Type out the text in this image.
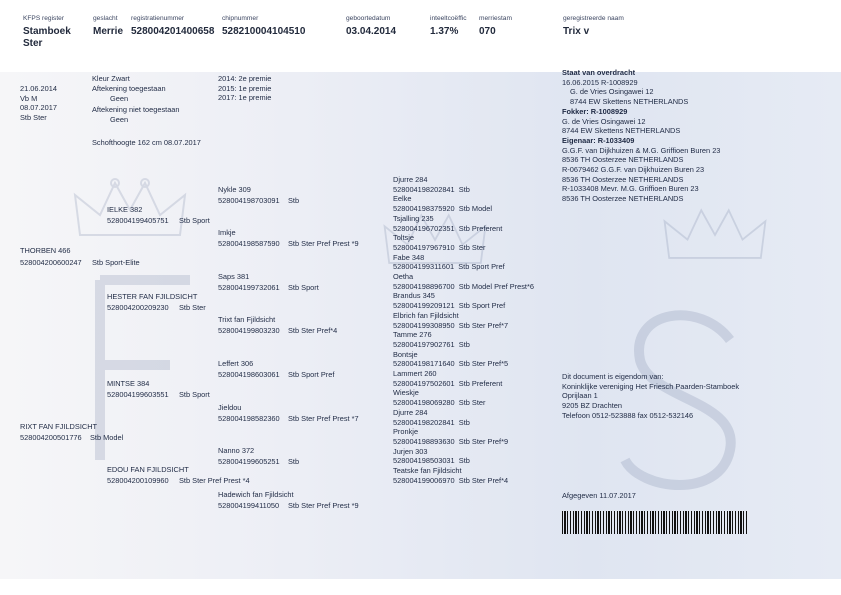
KFPS register	geslacht registratienummer	chipnummer	geboortedatum	inteeltcoëffic merriestam	geregistreerde naam
Stamboek
Ster
Merrie 528004201400658 528210004104510	03.04.2014	1.37% 070	Trix v
21.06.2014
Vb M
08.07.2017
Stb Ster
Kleur Zwart
Aftekening toegestaan
Geen
Aftekening niet toegestaan
Geen
Schofthoogte 162 cm 08.07.2017
2014: 2e premie
2015: 1e premie
2017: 1e premie
THORBEN 466
528004200600247 Stb Sport-Elite
RIXT FAN FJILDSICHT
528004200501776 Stb Model
IELKE 382
528004199405751 Stb Sport
HESTER FAN FJILDSICHT
528004200209230 Stb Ster
MINTSE 384
528004199603551 Stb Sport
EDOU FAN FJILDSICHT
528004200109960 Stb Ster Pref Prest *4
Nykle 309
528004198703091 Stb
Imkje
528004198587590 Stb Ster Pref Prest *9
Saps 381
528004199732061 Stb Sport
Trixt fan Fjildsicht
528004199803230 Stb Ster Pref*4
Leffert 306
528004198603061 Stb Sport Pref
Jieldou
528004198582360 Stb Ster Pref Prest *7
Nanno 372
528004199605251 Stb
Hadewich fan Fjildsicht
528004199411050 Stb Ster Pref Prest *9
Djurre 284
528004198202841 Stb
Eelke
528004198375920 Stb Model
Tsjalling 235
528004196702351 Stb Preferent
Toltsje
528004197967910 Stb Ster
Fabe 348
528004199311601 Stb Sport Pref
Oetha
528004198896700 Stb Model Pref Prest*6
Brandus 345
528004199209121 Stb Sport Pref
Elbrich fan Fjildsicht
528004199308950 Stb Ster Pref*7
Tamme 276
528004197902761 Stb
Bontsje
528004198171640 Stb Ster Pref*5
Lammert 260
528004197502601 Stb Preferent
Wieskje
528004198069280 Stb Ster
Djurre 284
528004198202841 Stb
Pronkje
528004198893630 Stb Ster Pref*9
Jurjen 303
528004198503031 Stb
Teatske fan Fjildsicht
528004199006970 Stb Ster Pref*4
Staat van overdracht
16.06.2015 R-1008929
G. de Vries Osingawei 12
8744 EW Skettens NETHERLANDS
Fokker: R-1008929
G. de Vries Osingawei 12
8744 EW Skettens NETHERLANDS
Eigenaar: R-1033409
G.G.F. van Dijkhuizen & M.G. Griffioen Buren 23
8536 TH Oosterzee NETHERLANDS
R-0679462 G.G.F. van Dijkhuizen Buren 23
8536 TH Oosterzee NETHERLANDS
R-1033408 Mevr. M.G. Griffioen Buren 23
8536 TH Oosterzee NETHERLANDS
Dit document is eigendom van:
Koninklijke vereniging Het Friesch Paarden-Stamboek
Oprijlaan 1
9205 BZ Drachten
Telefoon 0512-523888 fax 0512-532146
Afgegeven 11.07.2017
